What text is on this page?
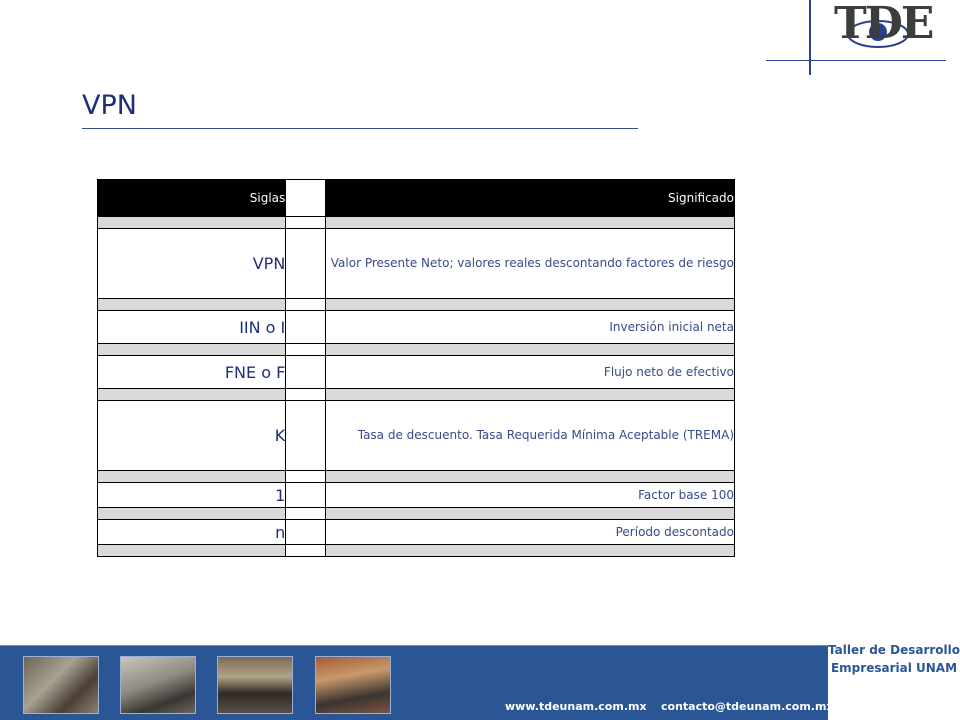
TDE
VPN
Siglas		Significado

VPN		Valor Presente Neto; valores reales descontando factores de riesgo

IIN o I		Inversión inicial neta

FNE o F		Flujo neto de efectivo

K		Tasa de descuento. Tasa Requerida Mínima Aceptable (TREMA)

1		Factor base 100

n		Período descontado

www.tdeunam.com.mx contacto@tdeunam.com.mx
Taller de Desarrollo
Empresarial UNAM
